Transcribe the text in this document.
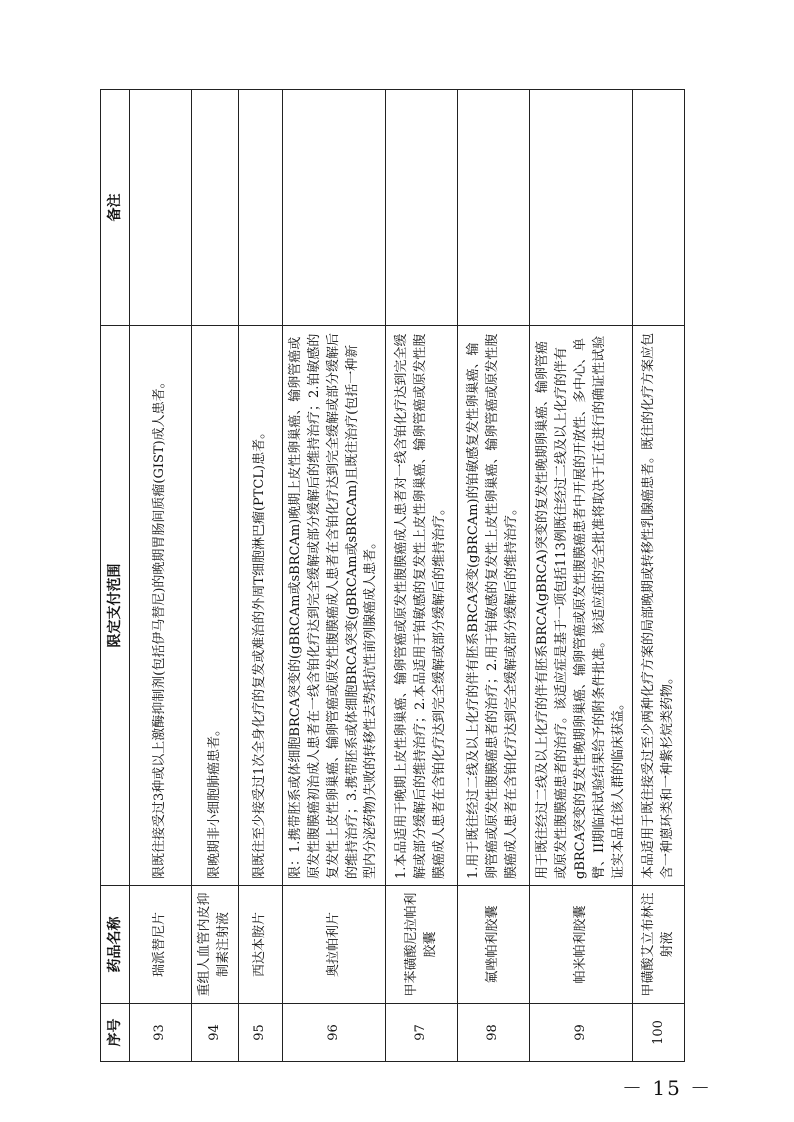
序号	药品名称	限定支付范围	备注
93	瑞派替尼片	限既往接受过3种或以上激酶抑制剂(包括伊马替尼)的晚期胃肠间质瘤(GIST)成人患者。	
94	重组人血管内皮抑制素注射液	限晚期非小细胞肺癌患者。	
95	西达本胺片	限既往至少接受过1次全身化疗的复发或难治的外周T细胞淋巴瘤(PTCL)患者。	
96	奥拉帕利片	限：1.携带胚系或体细胞BRCA突变的(gBRCAm或sBRCAm)晚期上皮性卵巢癌、输卵管癌或原发性腹膜癌初治成人患者在一线含铂化疗达到完全缓解或部分缓解后的维持治疗；2.铂敏感的复发性上皮性卵巢癌、输卵管癌或原发性腹膜癌成人患者在含铂化疗达到完全缓解或部分缓解后的维持治疗；3.携带胚系或体细胞BRCA突变(gBRCAm或sBRCAm)且既往治疗(包括一种新型内分泌药物)失败的转移性去势抵抗性前列腺癌成人患者。	
97	甲苯磺酸尼拉帕利胶囊	1.本品适用于晚期上皮性卵巢癌、输卵管癌或原发性腹膜癌成人患者对一线含铂化疗达到完全缓解或部分缓解后的维持治疗；2.本品适用于铂敏感的复发性上皮性卵巢癌、输卵管癌或原发性腹膜癌成人患者在含铂化疗达到完全缓解或部分缓解后的维持治疗。	
98	氟唑帕利胶囊	1.用于既往经过二线及以上化疗的伴有胚系BRCA突变(gBRCAm)的铂敏感复发性卵巢癌、输卵管癌或原发性腹膜癌患者的治疗；2.用于铂敏感的复发性上皮性卵巢癌、输卵管癌或原发性腹膜癌成人患者在含铂化疗达到完全缓解或部分缓解后的维持治疗。	
99	帕米帕利胶囊	用于既往经过二线及以上化疗的伴有胚系BRCA(gBRCA)突变的复发性晚期卵巢癌、输卵管癌或原发性腹膜癌患者的治疗。该适应症是基于一项包括113例既往经过二线及以上化疗的伴有gBRCA突变的复发性晚期卵巢癌、输卵管癌或原发性腹膜癌患者中开展的开放性、多中心、单臂、II期临床试验结果给予的附条件批准。该适应症的完全批准将取决于正在进行的确证性试验证实本品在该人群的临床获益。	
100	甲磺酸艾立布林注射液	本品适用于既往接受过至少两种化疗方案的局部晚期或转移性乳腺癌患者。既往的化疗方案应包含一种蒽环类和一种紫杉烷类药物。	
－ 15 －
